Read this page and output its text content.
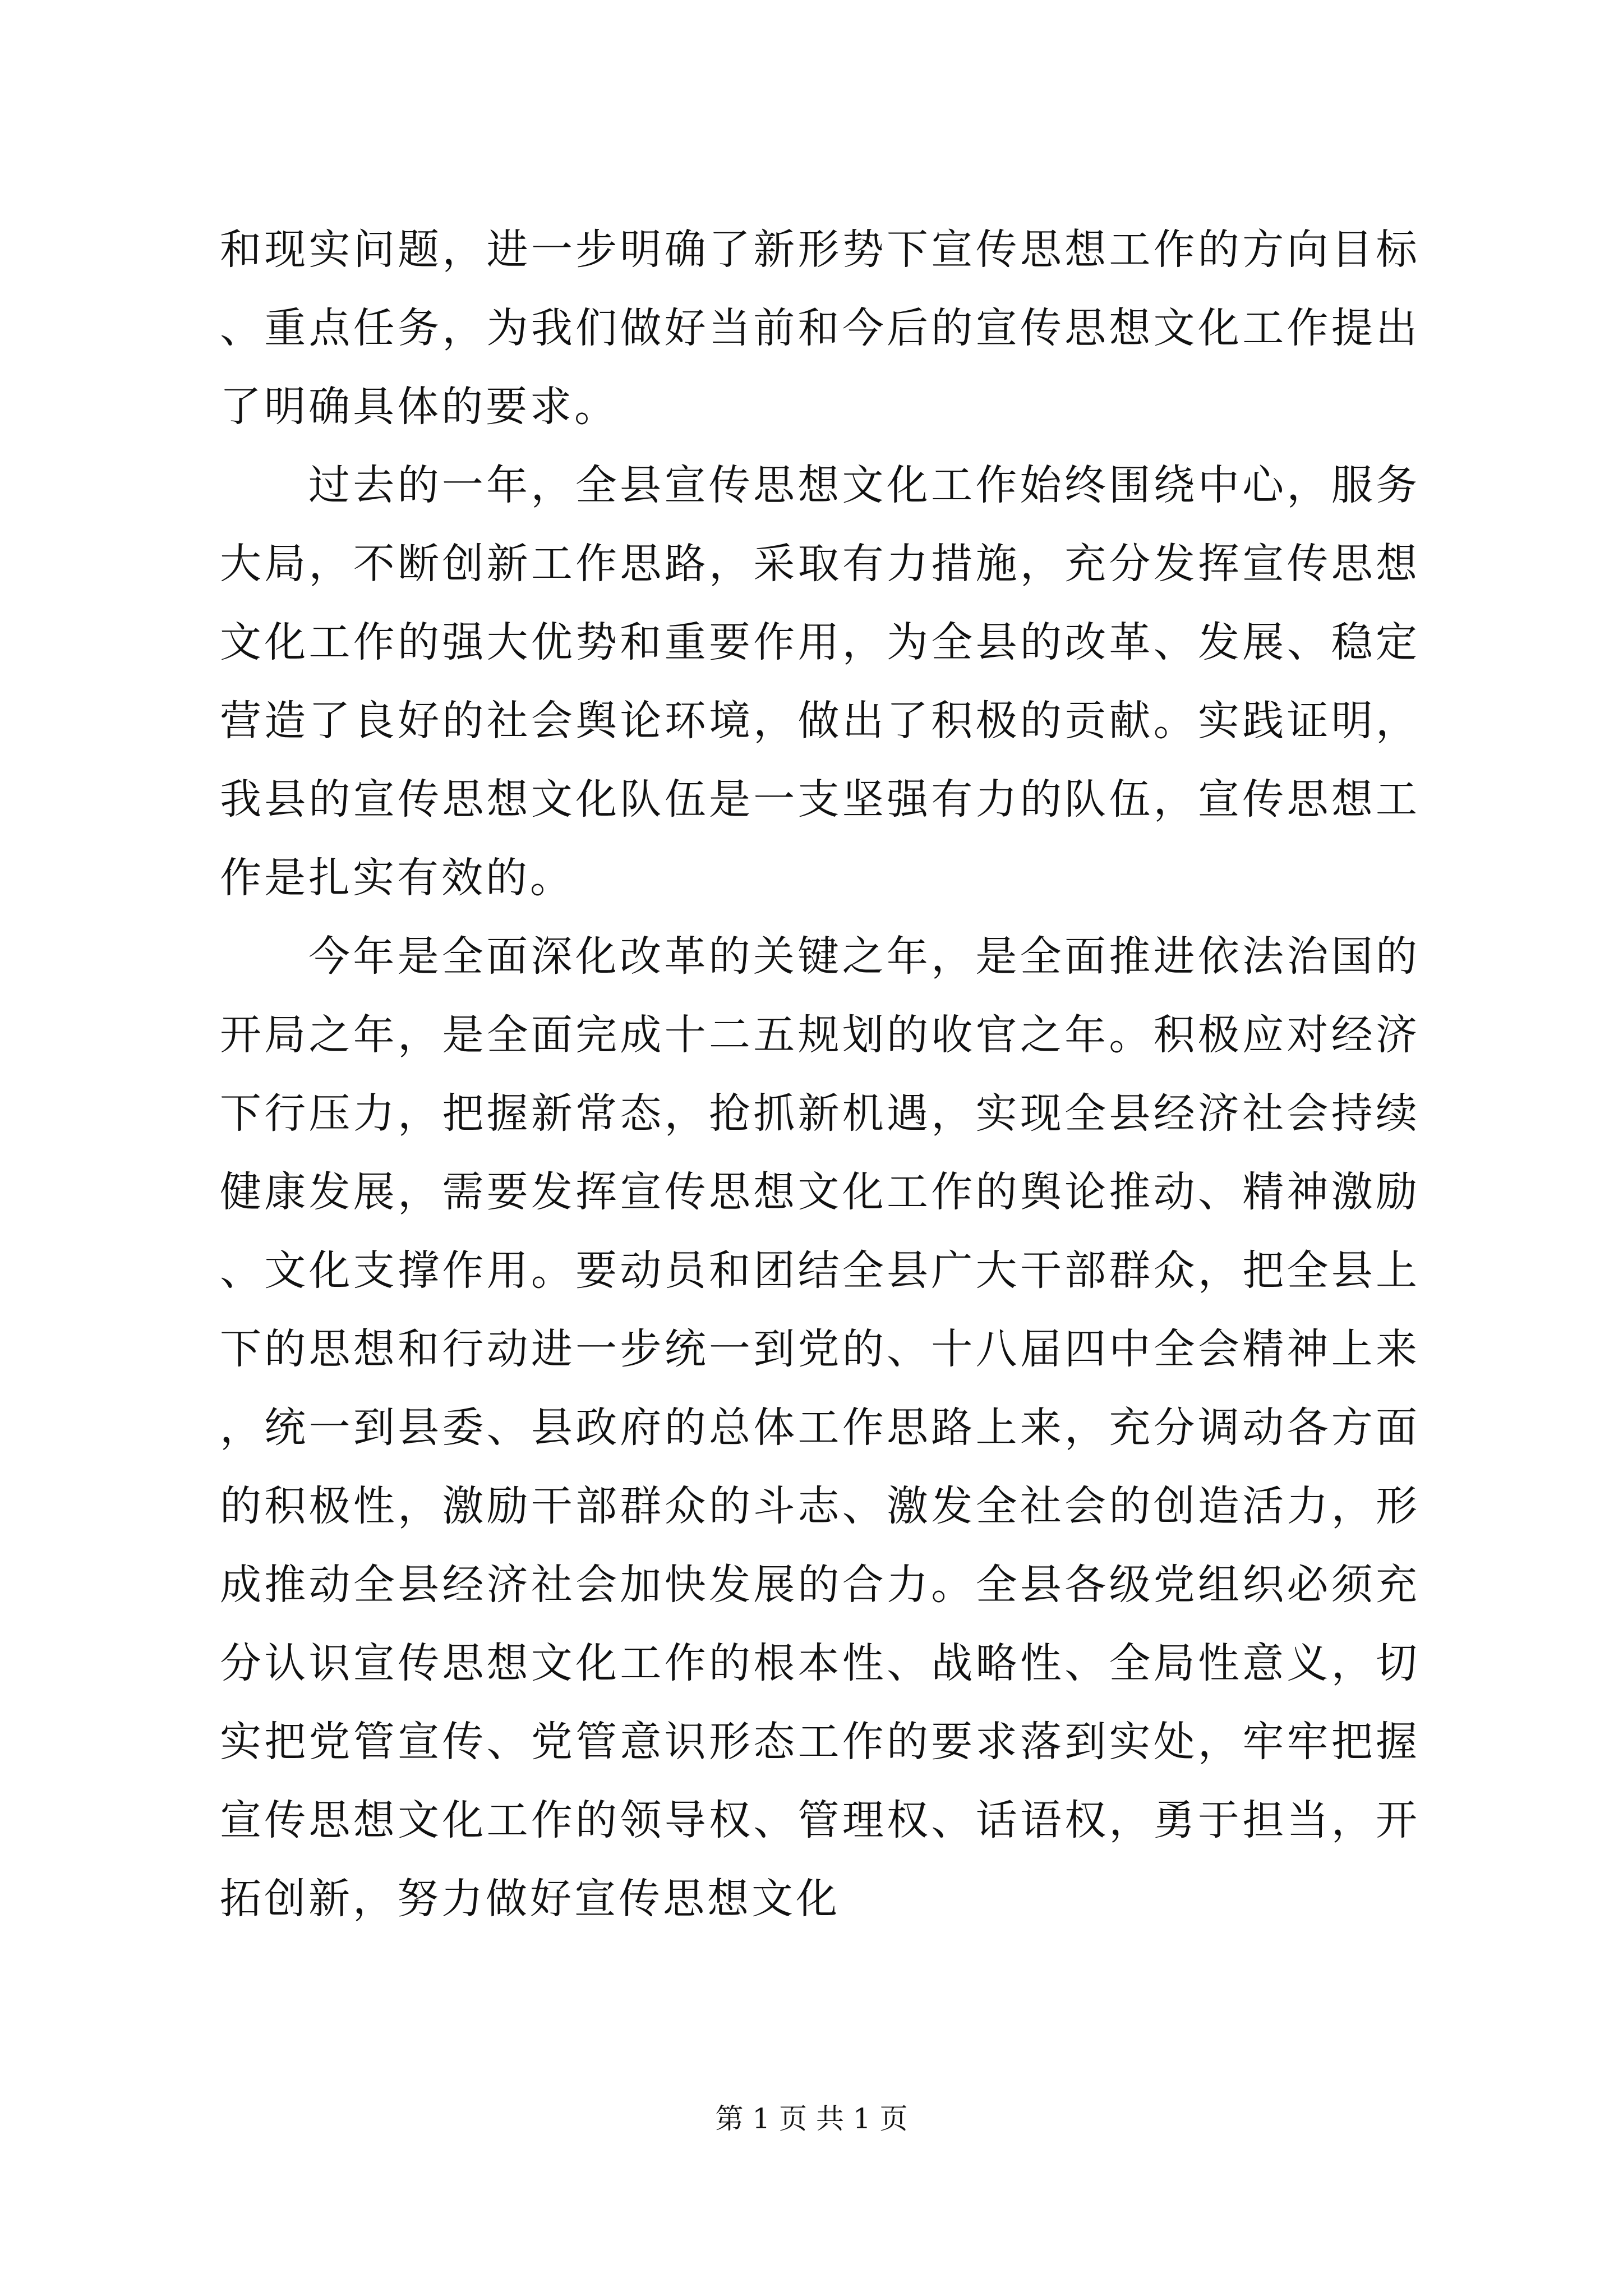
和现实问题，进一步明确了新形势下宣传思想工作的方向目标、重点任务，为我们做好当前和今后的宣传思想文化工作提出了明确具体的要求。

过去的一年，全县宣传思想文化工作始终围绕中心，服务大局，不断创新工作思路，采取有力措施，充分发挥宣传思想文化工作的强大优势和重要作用，为全县的改革、发展、稳定营造了良好的社会舆论环境，做出了积极的贡献。实践证明，我县的宣传思想文化队伍是一支坚强有力的队伍，宣传思想工作是扎实有效的。

今年是全面深化改革的关键之年，是全面推进依法治国的开局之年，是全面完成十二五规划的收官之年。积极应对经济下行压力，把握新常态，抢抓新机遇，实现全县经济社会持续健康发展，需要发挥宣传思想文化工作的舆论推动、精神激励、文化支撑作用。要动员和团结全县广大干部群众，把全县上下的思想和行动进一步统一到党的、十八届四中全会精神上来，统一到县委、县政府的总体工作思路上来，充分调动各方面的积极性，激励干部群众的斗志、激发全社会的创造活力，形成推动全县经济社会加快发展的合力。全县各级党组织必须充分认识宣传思想文化工作的根本性、战略性、全局性意义，切实把党管宣传、党管意识形态工作的要求落到实处，牢牢把握宣传思想文化工作的领导权、管理权、话语权，勇于担当，开拓创新，努力做好宣传思想文化

第 1 页 共 1 页
